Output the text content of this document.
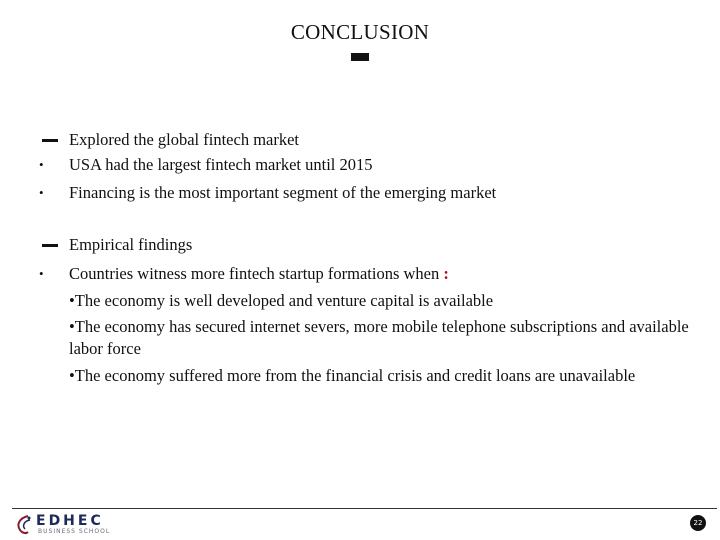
CONCLUSION
Explored the global fintech market
• USA had the largest fintech market until 2015
• Financing is the most important segment of the emerging market
Empirical findings
• Countries witness more fintech startup formations when :
•The economy is well developed and venture capital is available
•The economy has secured internet severs, more mobile telephone subscriptions and available labor force
•The economy suffered more from the financial crisis and credit loans are unavailable
EDHEC
BUSINESS SCHOOL
22
